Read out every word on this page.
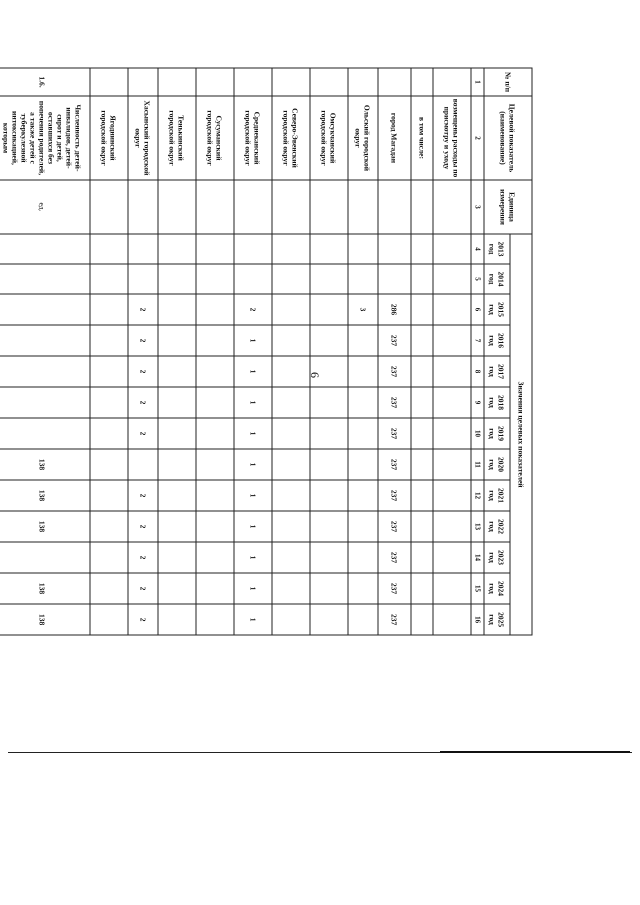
6
№ п/п	Целевой показатель (наименование)	Единица измерения	Значения целевых показателей												
			2013 год	2014 год	2015 год	2016 год	2017 год	2018 год	2019 год	2020 год	2021 год	2022 год	2023 год	2024 год	2025 год
1	2	3	4	5	6	7	8	9	10	11	12	13	14	15	16
	возмещены расходы по присмотру и уходу														
	в том числе:														
	город Магадан				286	237	237	237	237	237	237	237	237	237	237
	Ольский городской округ				3										
	Омсукчанский городской округ														
	Северо-Эвенский городской округ														
	Среднеканский городской округ				2	1	1	1	1	1	1	1	1	1	1
	Сусуманский городской округ														
	Тенькинский городской округ														
	Хасынский городской округ				2	2	2	2	2		2	2	2	2	2
	Ягоднинский городской округ														
1.6.	Численность детей-инвалидов, детей-сирот и детей, оставшихся без попечения родителей, а также детей с туберкулезной интоксикацией, которым	ед.								138	138	138		138	138
